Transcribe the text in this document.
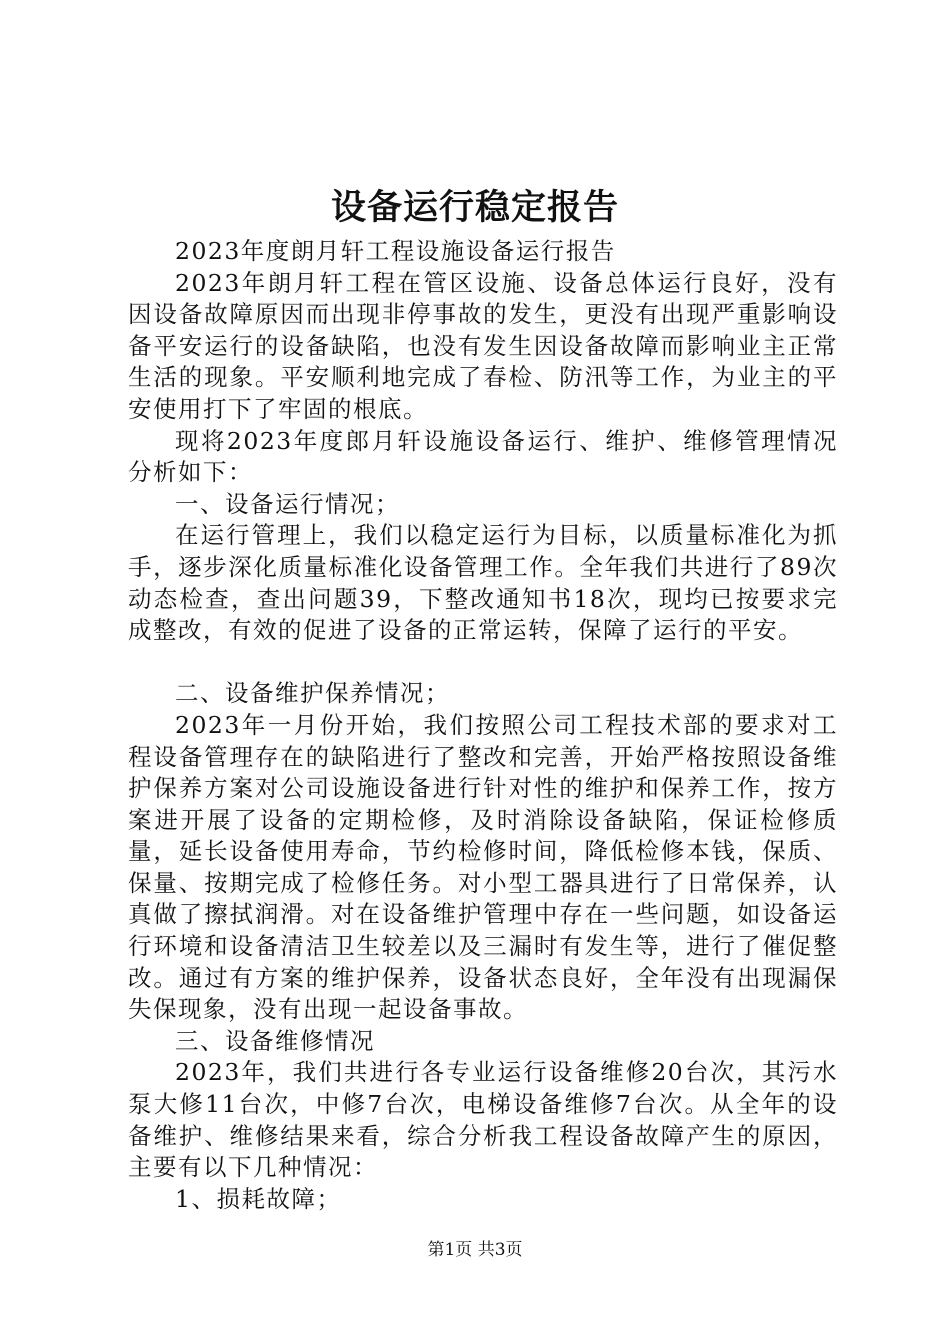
设备运行稳定报告

2023年度朗月轩工程设施设备运行报告

2023年朗月轩工程在管区设施、设备总体运行良好，没有因设备故障原因而出现非停事故的发生，更没有出现严重影响设备平安运行的设备缺陷，也没有发生因设备故障而影响业主正常生活的现象。平安顺利地完成了春检、防汛等工作，为业主的平安使用打下了牢固的根底。

现将2023年度郎月轩设施设备运行、维护、维修管理情况分析如下：

一、设备运行情况；

在运行管理上，我们以稳定运行为目标，以质量标准化为抓手，逐步深化质量标准化设备管理工作。全年我们共进行了89次动态检查，查出问题39，下整改通知书18次，现均已按要求完成整改，有效的促进了设备的正常运转，保障了运行的平安。

二、设备维护保养情况；

2023年一月份开始，我们按照公司工程技术部的要求对工程设备管理存在的缺陷进行了整改和完善，开始严格按照设备维护保养方案对公司设施设备进行针对性的维护和保养工作，按方案进开展了设备的定期检修，及时消除设备缺陷，保证检修质量，延长设备使用寿命，节约检修时间，降低检修本钱，保质、保量、按期完成了检修任务。对小型工器具进行了日常保养，认真做了擦拭润滑。对在设备维护管理中存在一些问题，如设备运行环境和设备清洁卫生较差以及三漏时有发生等，进行了催促整改。通过有方案的维护保养，设备状态良好，全年没有出现漏保失保现象，没有出现一起设备事故。

三、设备维修情况

2023年，我们共进行各专业运行设备维修20台次，其污水泵大修11台次，中修7台次，电梯设备维修7台次。从全年的设备维护、维修结果来看，综合分析我工程设备故障产生的原因，主要有以下几种情况：

1、损耗故障；

第1页 共3页
